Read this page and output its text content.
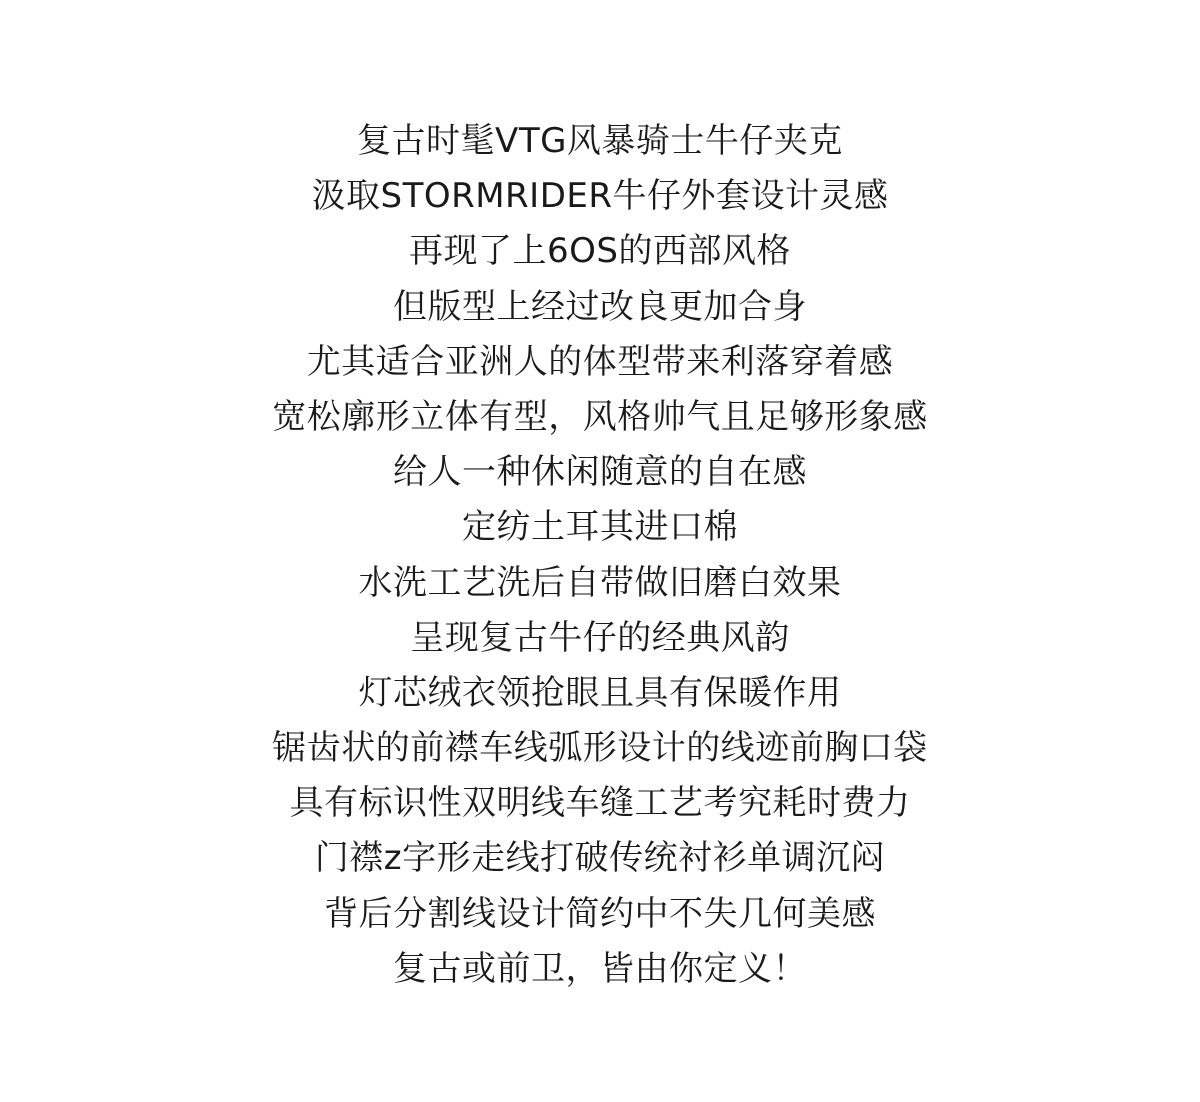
复古时髦VTG风暴骑士牛仔夹克
汲取STORMRIDER牛仔外套设计灵感
再现了上6OS的西部风格
但版型上经过改良更加合身
尤其适合亚洲人的体型带来利落穿着感
宽松廓形立体有型，风格帅气且足够形象感
给人一种休闲随意的自在感
定纺土耳其进口棉
水洗工艺洗后自带做旧磨白效果
呈现复古牛仔的经典风韵
灯芯绒衣领抢眼且具有保暖作用
锯齿状的前襟车线弧形设计的线迹前胸口袋
具有标识性双明线车缝工艺考究耗时费力
门襟z字形走线打破传统衬衫单调沉闷
背后分割线设计简约中不失几何美感
复古或前卫，皆由你定义！
